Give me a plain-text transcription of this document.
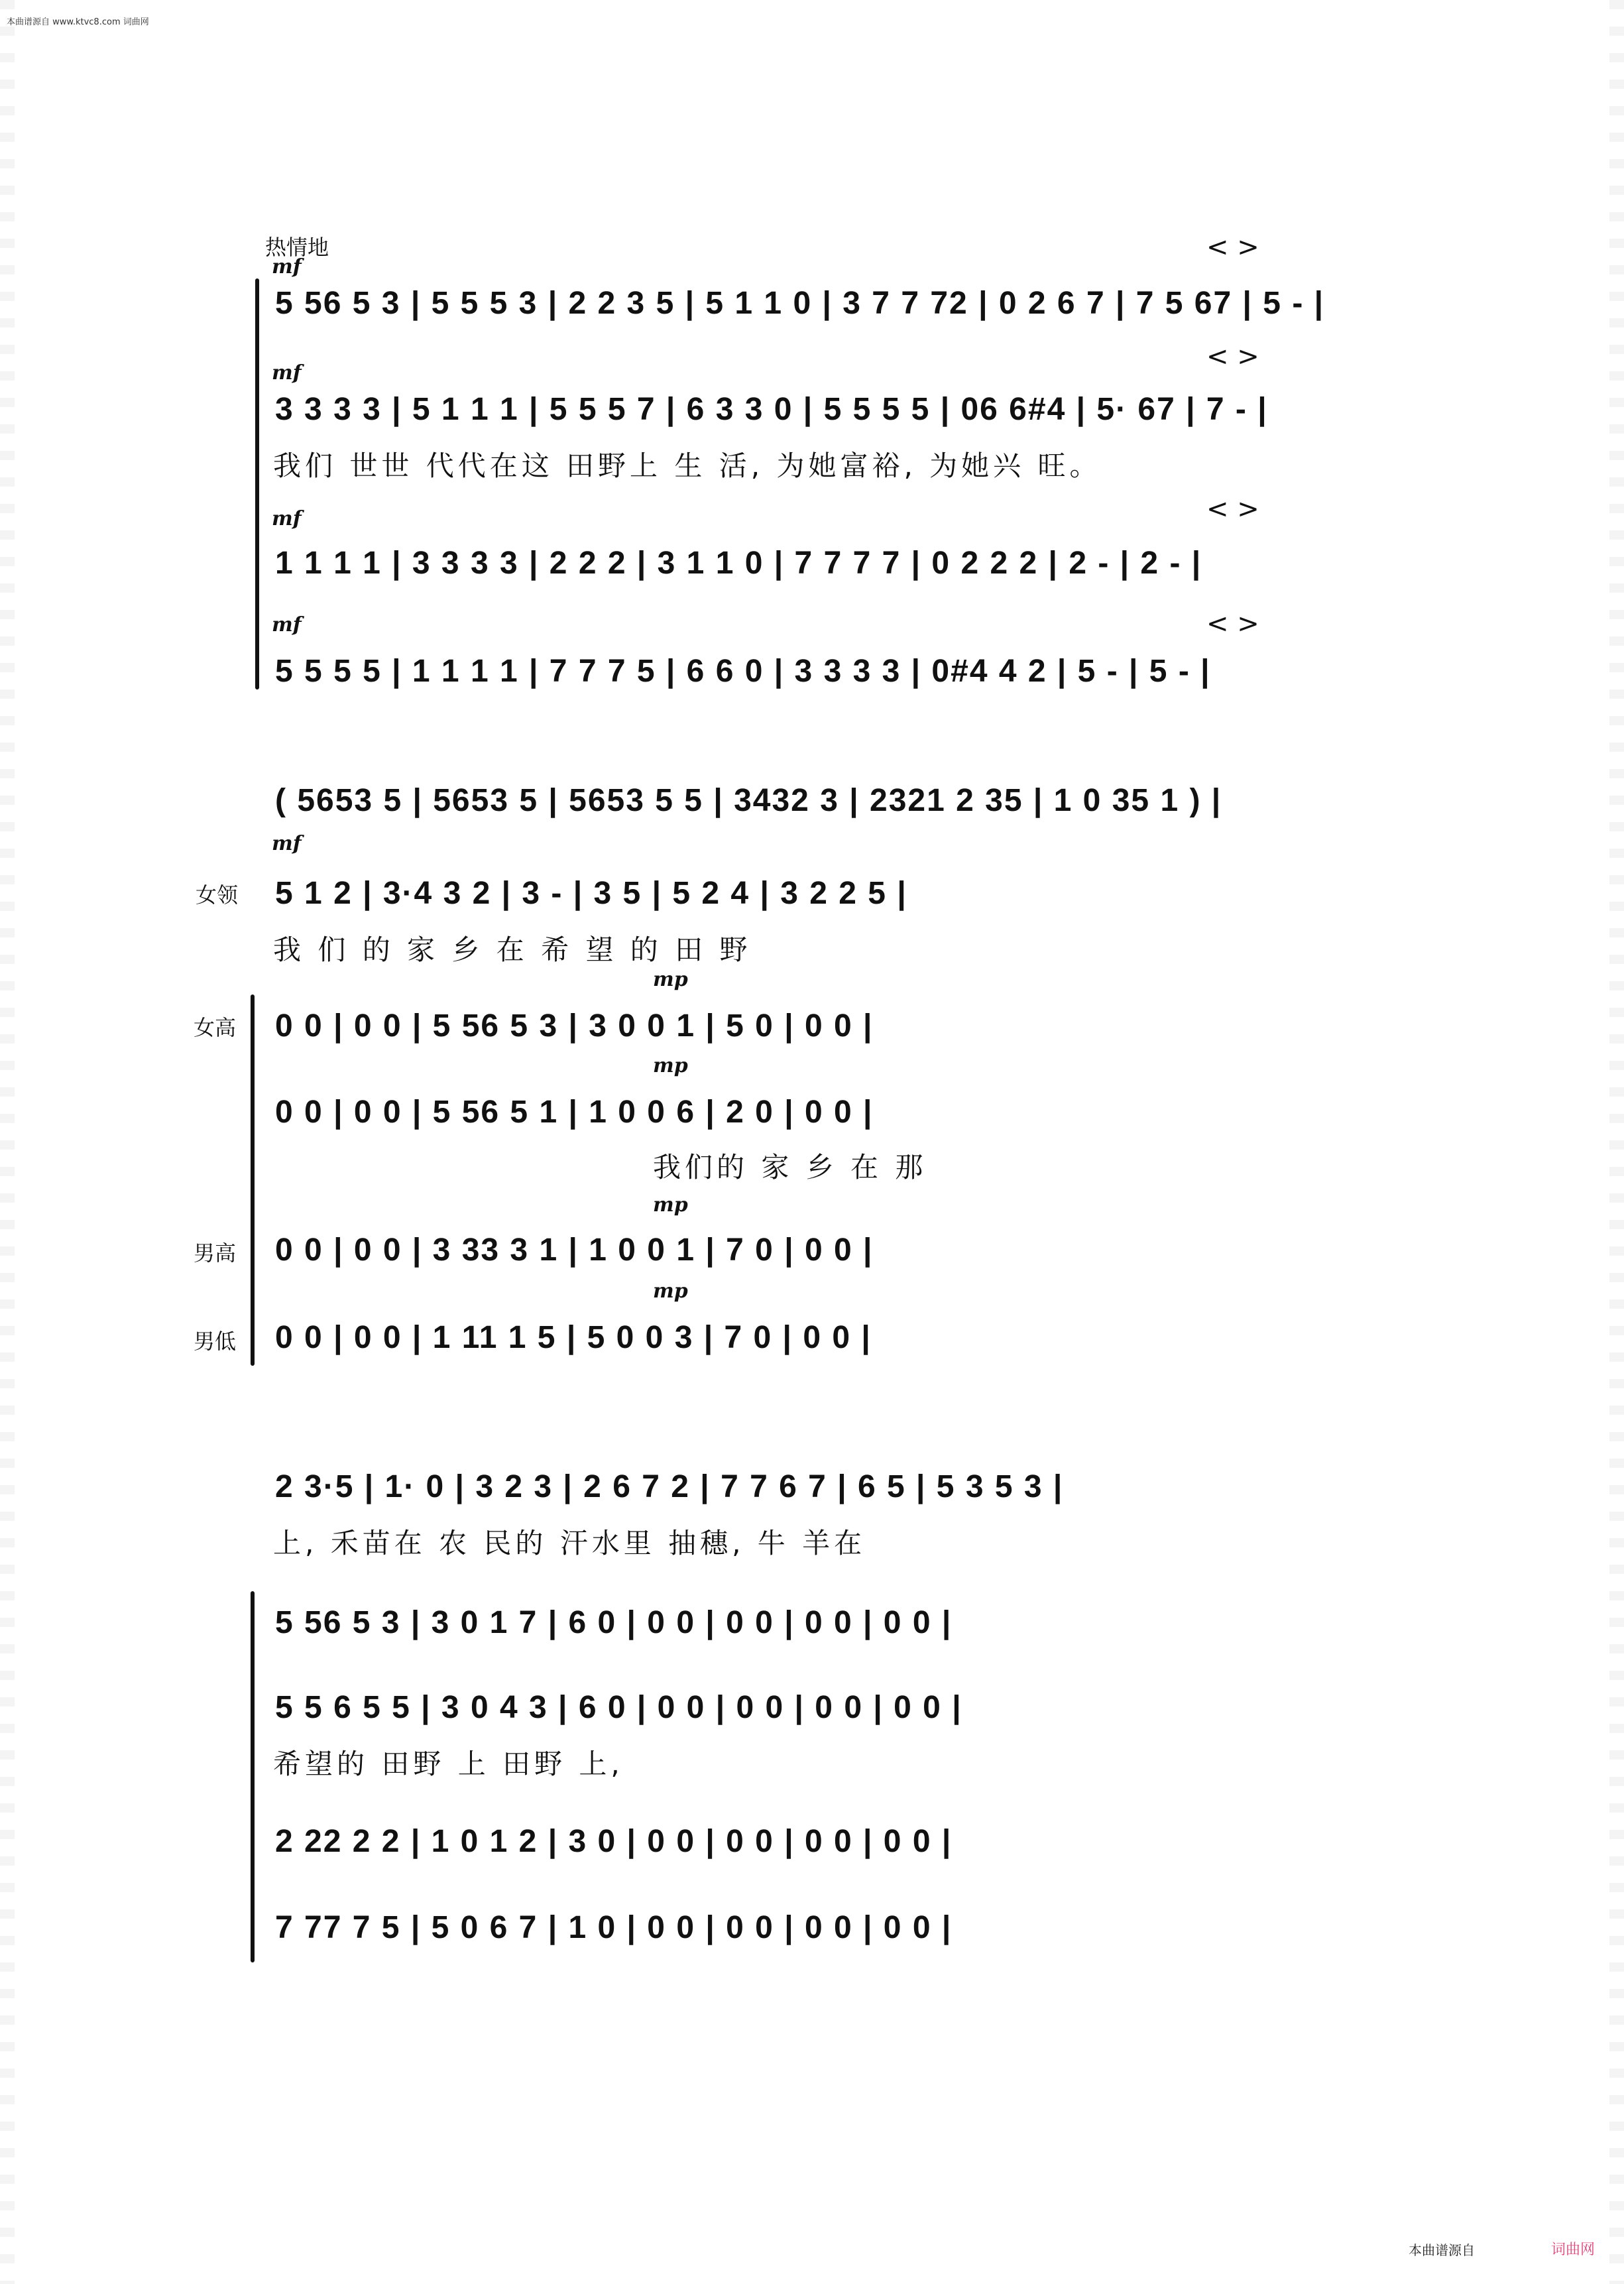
本曲谱源自 www.ktvc8.com 词曲网
热情地
mf
5 56 5 3 | 5 5 5 3 | 2 2 3 5 | 5 1 1 0 | 3 7 7 72 | 0 2 6 7 | 7 5 67 | 5 - |
mf
3 3 3 3 | 5 1 1 1 | 5 5 5 7 | 6 3 3 0 | 5 5 5 5 | 06 6#4 | 5· 67 | 7 - |
我们 世世 代代在这 田野上 生 活, 为她富裕, 为她兴 旺。
mf
1 1 1 1 | 3 3 3 3 | 2 2 2 | 3 1 1 0 | 7 7 7 7 | 0 2 2 2 | 2 - | 2 - |
mf
5 5 5 5 | 1 1 1 1 | 7 7 7 5 | 6 6 0 | 3 3 3 3 | 0#4 4 2 | 5 - | 5 - |
< >
< >
< >
< >
( 5653 5 | 5653 5 | 5653 5 5 | 3432 3 | 2321 2 35 | 1 0 35 1 ) |
女领
mf
5 1 2 | 3·4 3 2 | 3 - | 3 5 | 5 2 4 | 3 2 2 5 |
我 们 的 家 乡 在 希 望 的 田 野
女高 0 0 | 0 0 | 5 56 5 3 | 3 0 0 1 | 5 0 | 0 0 |
mp
0 0 | 0 0 | 5 56 5 1 | 1 0 0 6 | 2 0 | 0 0 |
mp
我们的 家 乡 在 那
男高 0 0 | 0 0 | 3 33 3 1 | 1 0 0 1 | 7 0 | 0 0 |
mp
男低 0 0 | 0 0 | 1 11 1 5 | 5 0 0 3 | 7 0 | 0 0 |
mp
2 3·5 | 1· 0 | 3 2 3 | 2 6 7 2 | 7 7 6 7 | 6 5 | 5 3 5 3 |
上, 禾苗在 农 民的 汗水里 抽穗, 牛 羊在
5 56 5 3 | 3 0 1 7 | 6 0 | 0 0 | 0 0 | 0 0 | 0 0 |
5 5 6 5 5 | 3 0 4 3 | 6 0 | 0 0 | 0 0 | 0 0 | 0 0 |
希望的 田野 上 田野 上,
2 22 2 2 | 1 0 1 2 | 3 0 | 0 0 | 0 0 | 0 0 | 0 0 |
7 77 7 5 | 5 0 6 7 | 1 0 | 0 0 | 0 0 | 0 0 | 0 0 |
本曲谱源自	词曲网
